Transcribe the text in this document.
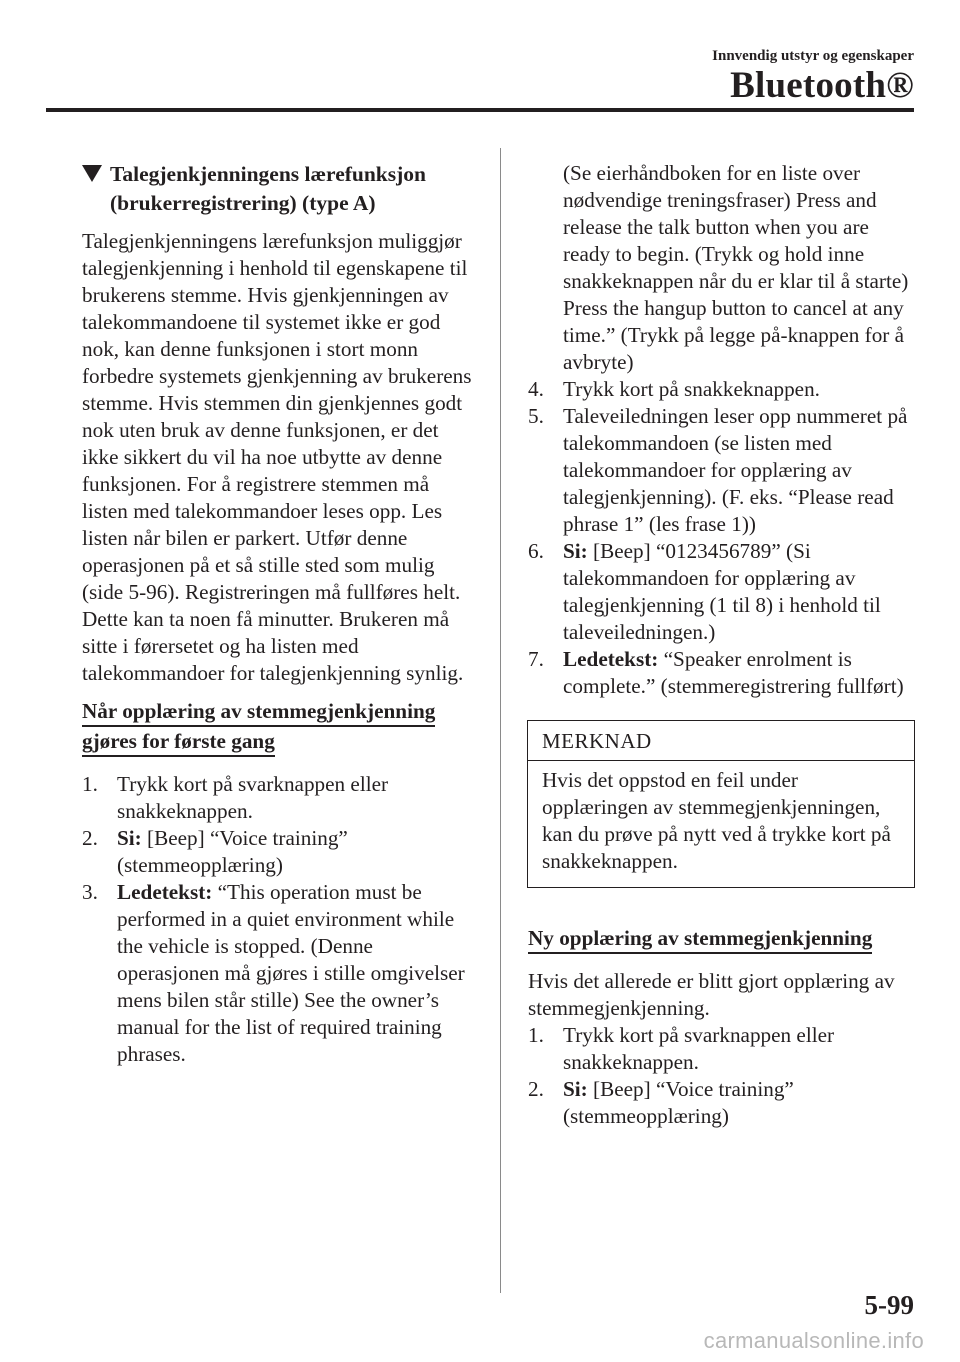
Innvendig utstyr og egenskaper
Bluetooth®
Talegjenkjenningens lærefunksjon
(brukerregistrering) (type A)

Talegjenkjenningens lærefunksjon muliggjør talegjenkjenning i henhold til egenskapene til brukerens stemme. Hvis gjenkjenningen av talekommandoene til systemet ikke er god nok, kan denne funksjonen i stort monn forbedre systemets gjenkjenning av brukerens stemme. Hvis stemmen din gjenkjennes godt nok uten bruk av denne funksjonen, er det ikke sikkert du vil ha noe utbytte av denne funksjonen. For å registrere stemmen må listen med talekommandoer leses opp. Les listen når bilen er parkert. Utfør denne operasjonen på et så stille sted som mulig (side 5-96). Registreringen må fullføres helt. Dette kan ta noen få minutter. Brukeren må sitte i førersetet og ha listen med talekommandoer for talegjenkjenning synlig.

Når opplæring av stemmegjenkjenning
gjøres for første gang
1. Trykk kort på svarknappen eller snakkeknappen.
2. Si: [Beep] “Voice training” (stemmeopplæring)
3. Ledetekst: “This operation must be performed in a quiet environment while the vehicle is stopped. (Denne operasjonen må gjøres i stille omgivelser mens bilen står stille) See the owner’s manual for the list of required training phrases.

(Se eierhåndboken for en liste over nødvendige treningsfraser) Press and release the talk button when you are ready to begin. (Trykk og hold inne snakkeknappen når du er klar til å starte) Press the hangup button to cancel at any time.” (Trykk på legge på-knappen for å avbryte)

4. Trykk kort på snakkeknappen.
5. Taleveiledningen leser opp nummeret på talekommandoen (se listen med talekommandoer for opplæring av talegjenkjenning). (F. eks. “Please read phrase 1” (les frase 1))
6. Si: [Beep] “0123456789” (Si talekommandoen for opplæring av talegjenkjenning (1 til 8) i henhold til taleveiledningen.)
7. Ledetekst: “Speaker enrolment is complete.” (stemmeregistrering fullført)
MERKNAD
Hvis det oppstod en feil under opplæringen av stemmegjenkjenningen, kan du prøve på nytt ved å trykke kort på snakkeknappen.
Ny opplæring av stemmegjenkjenning

Hvis det allerede er blitt gjort opplæring av stemmegjenkjenning.

1. Trykk kort på svarknappen eller snakkeknappen.
2. Si: [Beep] “Voice training” (stemmeopplæring)
5-99
carmanualsonline.info
